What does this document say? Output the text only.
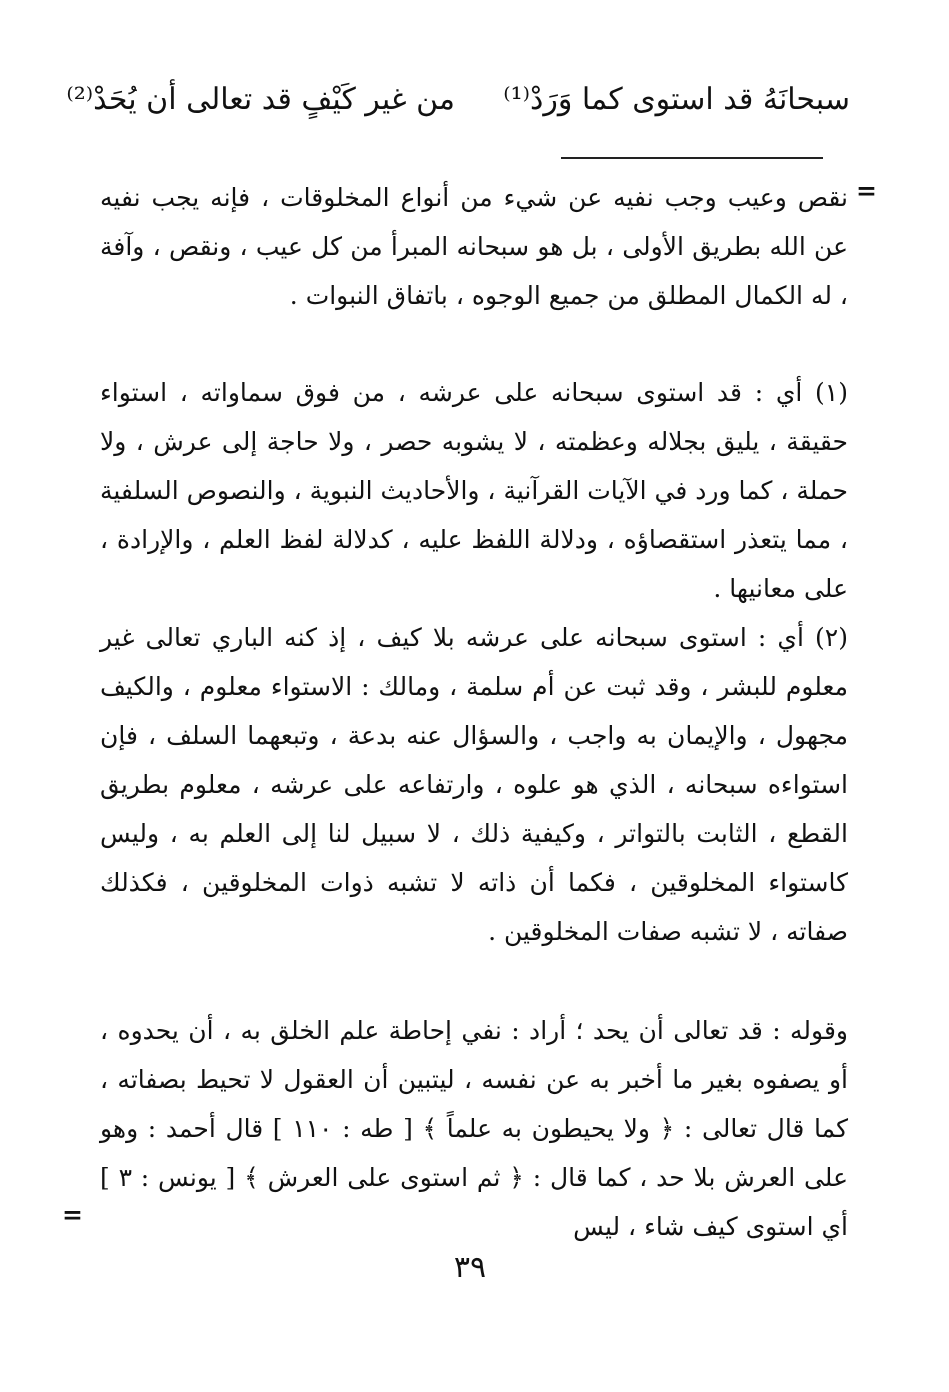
سبحانَهُ قد استوى كما وَرَدْ⁽¹⁾
من غير كَيْفٍ قد تعالى أن يُحَدْ⁽²⁾
=
نقص وعيب وجب نفيه عن شيء من أنواع المخلوقات ، فإنه يجب نفيه عن الله بطريق الأولى ، بل هو سبحانه المبرأ من كل عيب ، ونقص ، وآفة ، له الكمال المطلق من جميع الوجوه ، باتفاق النبوات .
(١) أي : قد استوى سبحانه على عرشه ، من فوق سماواته ، استواء حقيقة ، يليق بجلاله وعظمته ، لا يشوبه حصر ، ولا حاجة إلى عرش ، ولا حملة ، كما ورد في الآيات القرآنية ، والأحاديث النبوية ، والنصوص السلفية ، مما يتعذر استقصاؤه ، ودلالة اللفظ عليه ، كدلالة لفظ العلم ، والإرادة ، على معانيها .
(٢) أي : استوى سبحانه على عرشه بلا كيف ، إذ كنه الباري تعالى غير معلوم للبشر ، وقد ثبت عن أم سلمة ، ومالك : الاستواء معلوم ، والكيف مجهول ، والإيمان به واجب ، والسؤال عنه بدعة ، وتبعهما السلف ، فإن استواءه سبحانه ، الذي هو علوه ، وارتفاعه على عرشه ، معلوم بطريق القطع ، الثابت بالتواتر ، وكيفية ذلك ، لا سبيل لنا إلى العلم به ، وليس كاستواء المخلوقين ، فكما أن ذاته لا تشبه ذوات المخلوقين ، فكذلك صفاته ، لا تشبه صفات المخلوقين .
وقوله : قد تعالى أن يحد ؛ أراد : نفي إحاطة علم الخلق به ، أن يحدوه ، أو يصفوه بغير ما أخبر به عن نفسه ، ليتبين أن العقول لا تحيط بصفاته ، كما قال تعالى : ﴿ ولا يحيطون به علماً ﴾ [ طه : ١١٠ ] قال أحمد : وهو على العرش بلا حد ، كما قال : ﴿ ثم استوى على العرش ﴾ [ يونس : ٣ ] أي استوى كيف شاء ، ليس
=
٣٩
